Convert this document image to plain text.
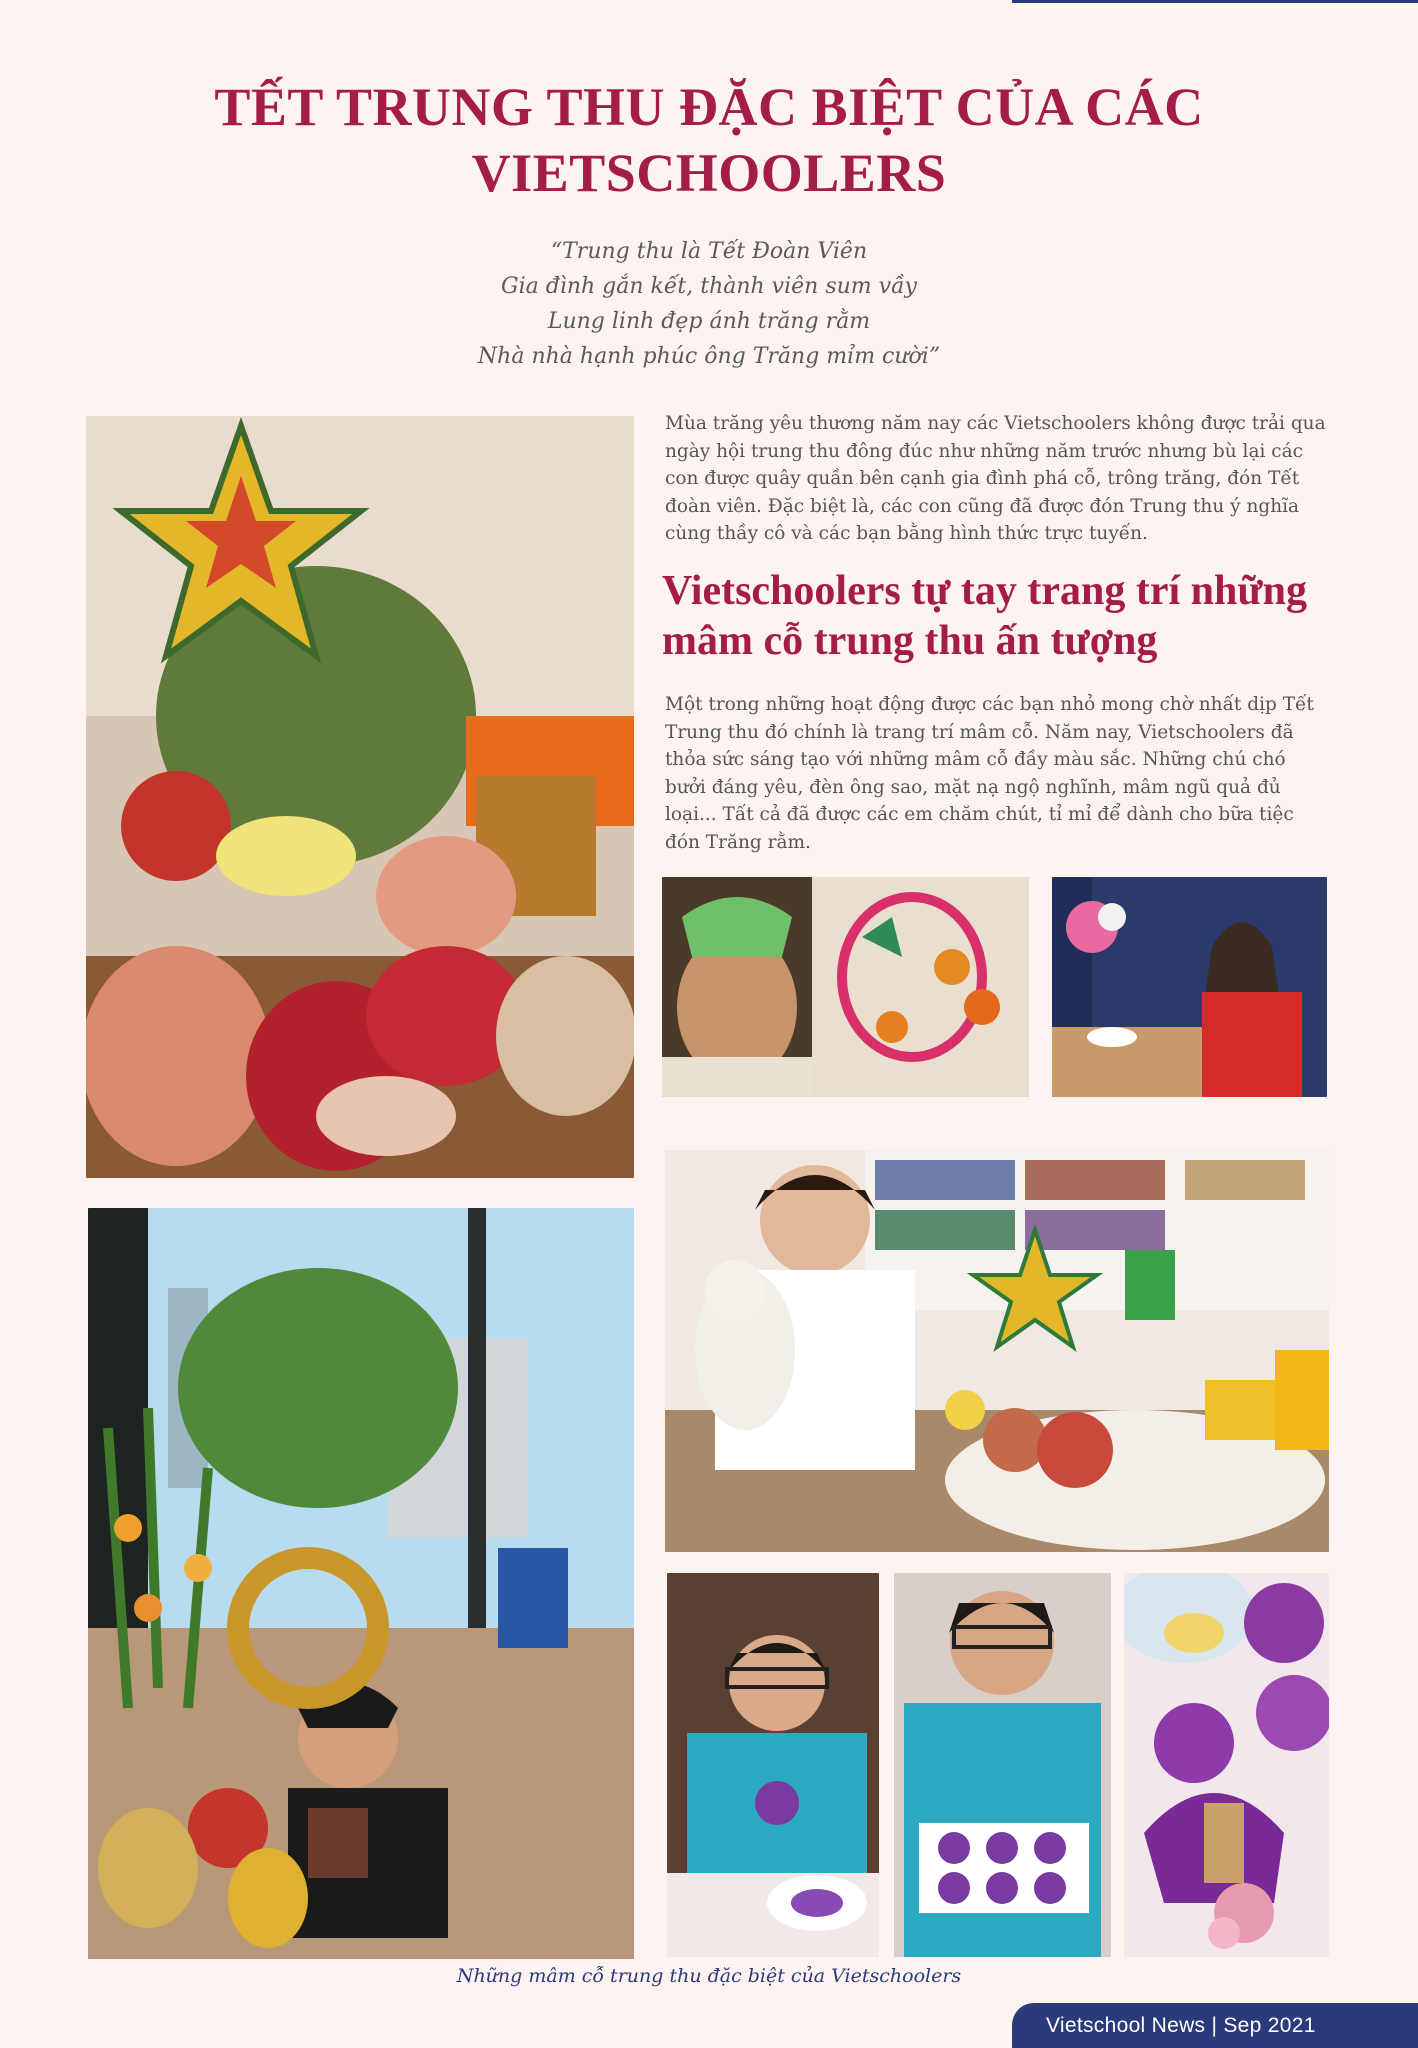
TẾT TRUNG THU ĐẶC BIỆT CỦA CÁC
VIETSCHOOLERS
“Trung thu là Tết Đoàn Viên
Gia đình gắn kết, thành viên sum vầy
Lung linh đẹp ánh trăng rằm
Nhà nhà hạnh phúc ông Trăng mỉm cười”

Mùa trăng yêu thương năm nay các Vietschoolers không được trải qua ngày hội trung thu đông đúc như những năm trước nhưng bù lại các con được quây quần bên cạnh gia đình phá cỗ, trông trăng, đón Tết đoàn viên. Đặc biệt là, các con cũng đã được đón Trung thu ý nghĩa cùng thầy cô và các bạn bằng hình thức trực tuyến.

Vietschoolers tự tay trang trí những mâm cỗ trung thu ấn tượng

Một trong những hoạt động được các bạn nhỏ mong chờ nhất dịp Tết Trung thu đó chính là trang trí mâm cỗ. Năm nay, Vietschoolers đã thỏa sức sáng tạo với những mâm cỗ đầy màu sắc. Những chú chó bưởi đáng yêu, đèn ông sao, mặt nạ ngộ nghĩnh, mâm ngũ quả đủ loại... Tất cả đã được các em chăm chút, tỉ mỉ để dành cho bữa tiệc đón Trăng rằm.

Những mâm cỗ trung thu đặc biệt của Vietschoolers
Vietschool News | Sep 2021
